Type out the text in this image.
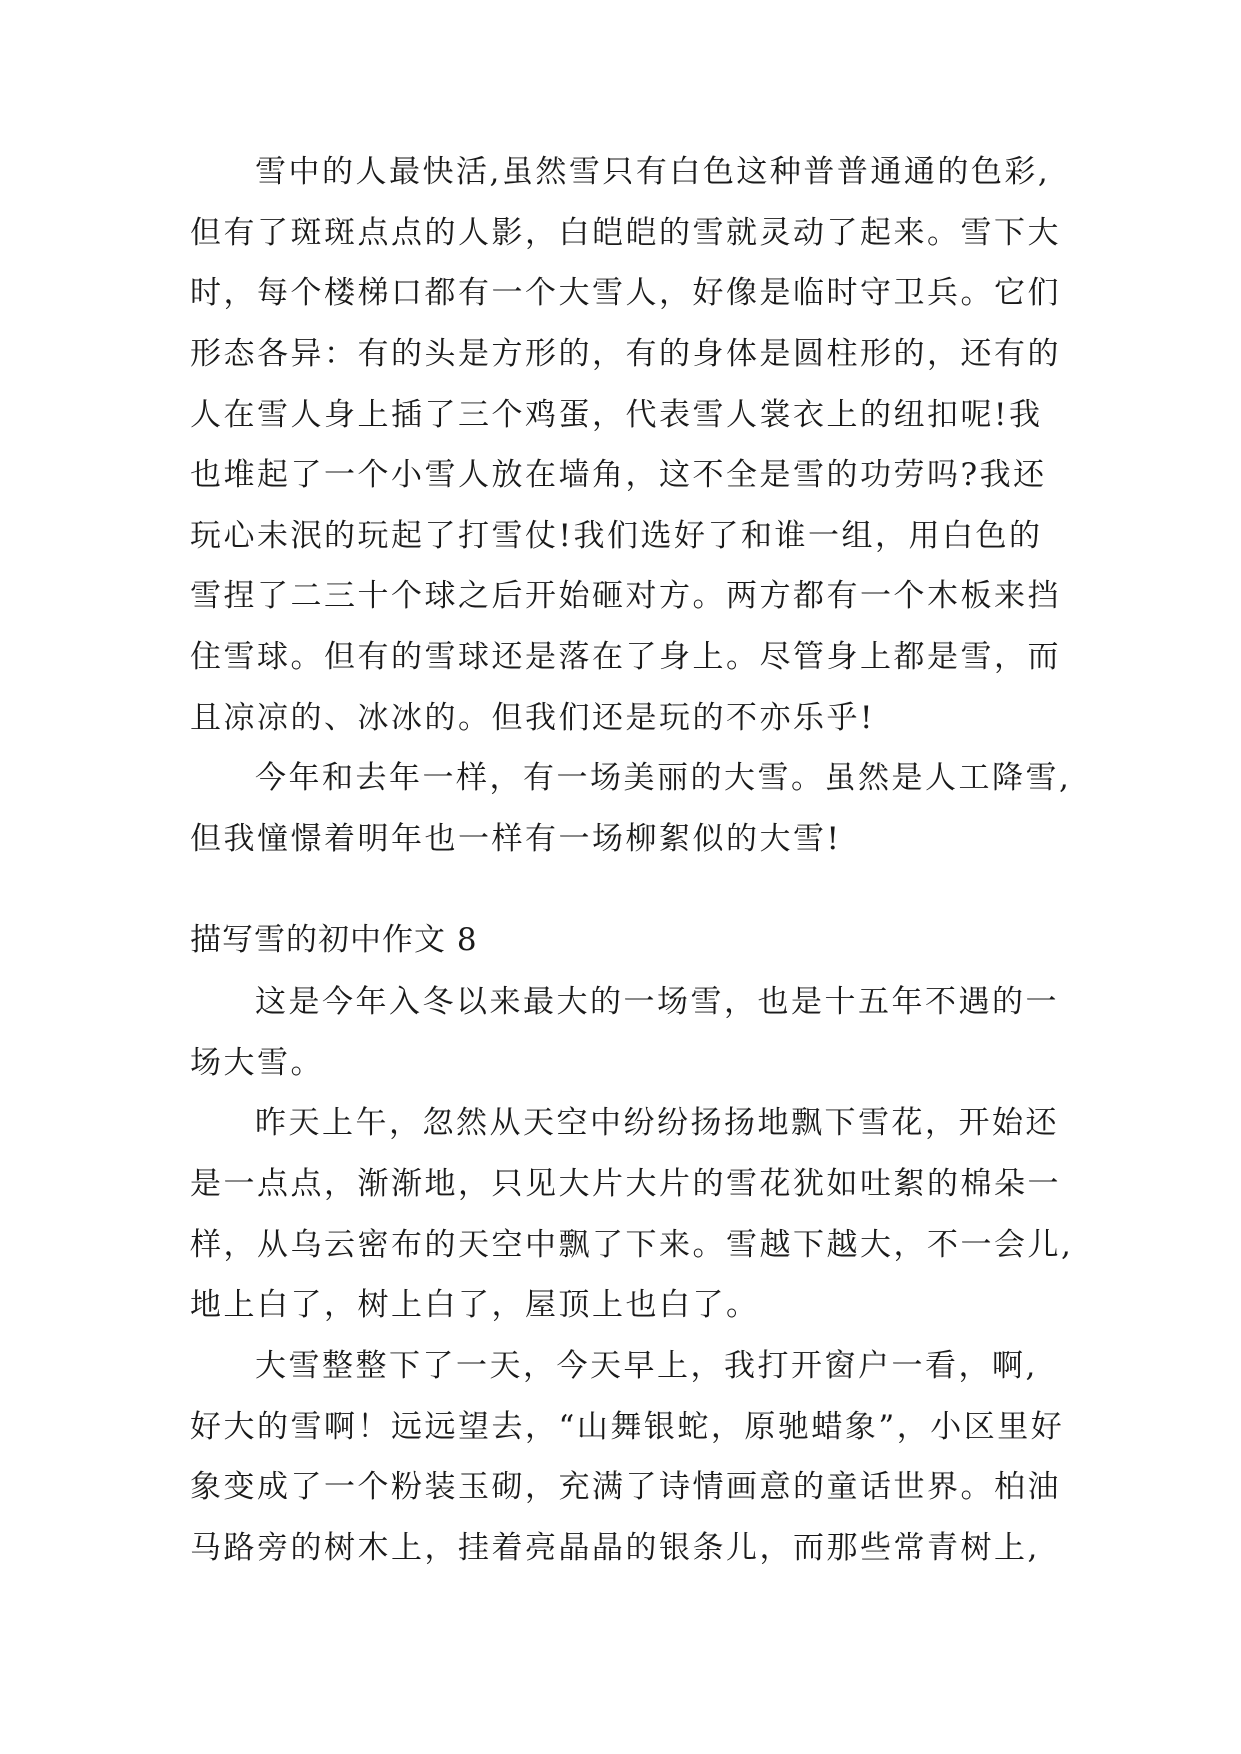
雪中的人最快活,虽然雪只有白色这种普普通通的色彩,
但有了斑斑点点的人影，白皑皑的雪就灵动了起来。雪下大
时，每个楼梯口都有一个大雪人，好像是临时守卫兵。它们
形态各异：有的头是方形的，有的身体是圆柱形的，还有的
人在雪人身上插了三个鸡蛋，代表雪人裳衣上的纽扣呢!我
也堆起了一个小雪人放在墙角，这不全是雪的功劳吗?我还
玩心未泯的玩起了打雪仗!我们选好了和谁一组，用白色的
雪捏了二三十个球之后开始砸对方。两方都有一个木板来挡
住雪球。但有的雪球还是落在了身上。尽管身上都是雪，而
且凉凉的、冰冰的。但我们还是玩的不亦乐乎!
今年和去年一样，有一场美丽的大雪。虽然是人工降雪,
但我憧憬着明年也一样有一场柳絮似的大雪!
描写雪的初中作文 8
这是今年入冬以来最大的一场雪，也是十五年不遇的一
场大雪。
昨天上午，忽然从天空中纷纷扬扬地飘下雪花，开始还
是一点点，渐渐地，只见大片大片的雪花犹如吐絮的棉朵一
样，从乌云密布的天空中飘了下来。雪越下越大，不一会儿,
地上白了，树上白了，屋顶上也白了。
大雪整整下了一天，今天早上，我打开窗户一看，啊,
好大的雪啊！远远望去，“山舞银蛇，原驰蜡象”，小区里好
象变成了一个粉装玉砌，充满了诗情画意的童话世界。柏油
马路旁的树木上，挂着亮晶晶的银条儿，而那些常青树上,
